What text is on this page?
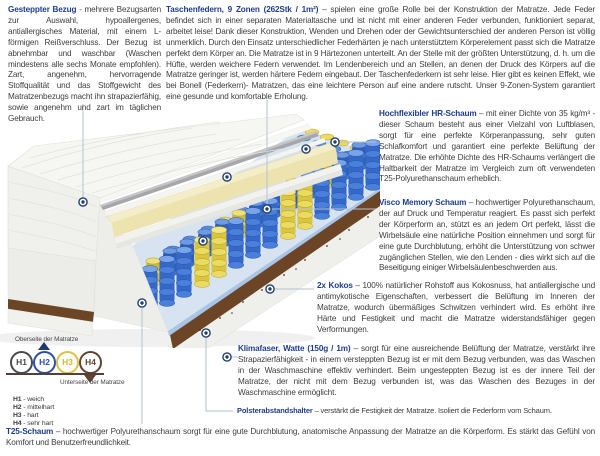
Gesteppter Bezug - mehrere Bezugsarten zur Auswahl, hypoallergenes, antiallergisches Material, mit einem L-förmigen Reißverschluss. Der Bezug ist abnehmbar und waschbar (Waschen mindestens alle sechs Monate empfohlen). Zart, angenehm, hervorragende Stoffqualität und das Stoffgewicht des Matratzenbezugs macht ihn strapazierfähig, sowie angenehm und zart im täglichen Gebrauch.
Taschenfedern, 9 Zonen (262Stk / 1m²) – spielen eine große Rolle bei der Konstruktion der Matratze. Jede Feder befindet sich in einer separaten Materialtasche und ist nicht mit einer anderen Feder verbunden, funktioniert separat, arbeitet leise! Dank dieser Konstruktion, Wenden und Drehen oder der Gewichtsunterschied der anderen Person ist völlig unmerklich. Durch den Einsatz unterschiedlicher Federhärten je nach unterstütztem Körperelement passt sich die Matratze perfekt dem Körper an. Die Matratze ist in 9 Härtezonen unterteilt. An der Stelle mit der größten Unterstützung, d. h. um die Hüfte, werden weichere Federn verwendet. Im Lendenbereich und an Stellen, an denen der Druck des Körpers auf die Matratze geringer ist, werden härtere Federn eingebaut. Der Taschenfederkern ist sehr leise. Hier gibt es keinen Effekt, wie bei Bonell (Federkern)- Matratzen, das eine leichtere Person auf eine andere rutscht. Unser 9-Zonen-System garantiert eine gesunde und komfortable Erholung.
Hochflexibler HR-Schaum – mit einer Dichte von 35 kg/m³ - dieser Schaum besteht aus einer Vielzahl von Luftblasen, sorgt für eine perfekte Körperanpassung, sehr guten Schlafkomfort und garantiert eine perfekte Belüftung der Matratze. Die erhöhte Dichte des HR-Schaums verlängert die Haltbarkeit der Matratze im Vergleich zum oft verwendeten T25-Polyurethanschaum erheblich.
Visco Memory Schaum – hochwertiger Polyurethanschaum, der auf Druck und Temperatur reagiert. Es passt sich perfekt der Körperform an, stützt es an jedem Ort perfekt, lässt die Wirbelsäule eine natürliche Position einnehmen und sorgt für eine gute Durchblutung, erhöht die Unterstützung von schwer zugänglichen Stellen, wie den Lenden - dies wirkt sich auf die Beseitigung einiger Wirbelsäulenbeschwerden aus.
2x Kokos – 100% natürlicher Rohstoff aus Kokosnuss, hat antiallergische und antimykotische Eigenschaften, verbessert die Belüftung im Inneren der Matratze, wodurch übermäßiges Schwitzen verhindert wird. Es erhöht ihre Härte und Festigkeit und macht die Matratze widerstandsfähiger gegen Verformungen.
Klimafaser, Watte (150g / 1m) – sorgt für eine ausreichende Belüftung der Matratze, verstärkt ihre Strapazierfähigkeit - in einem versteppten Bezug ist er mit dem Bezug verbunden, was das Waschen in der Waschmaschine effektiv verhindert. Beim ungesteppten Bezug ist es der innere Teil der Matratze, der nicht mit dem Bezug verbunden ist, was das Waschen des Bezuges in der Waschmaschine ermöglicht.
Polsterabstandshalter – verstärkt die Festigkeit der Matratze. Isoliert die Federform vom Schaum.
T25-Schaum – hochwertiger Polyurethanschaum sorgt für eine gute Durchblutung, anatomische Anpassung der Matratze an die Körperform. Es stärkt das Gefühl von Komfort und Benutzerfreundlichkeit.
Oberseite der Matratze
H1	H2	H3	H4
Unterseite der Matratze
H1 - weich
H2 - mittelhart
H3 - hart
H4 - sehr hart
